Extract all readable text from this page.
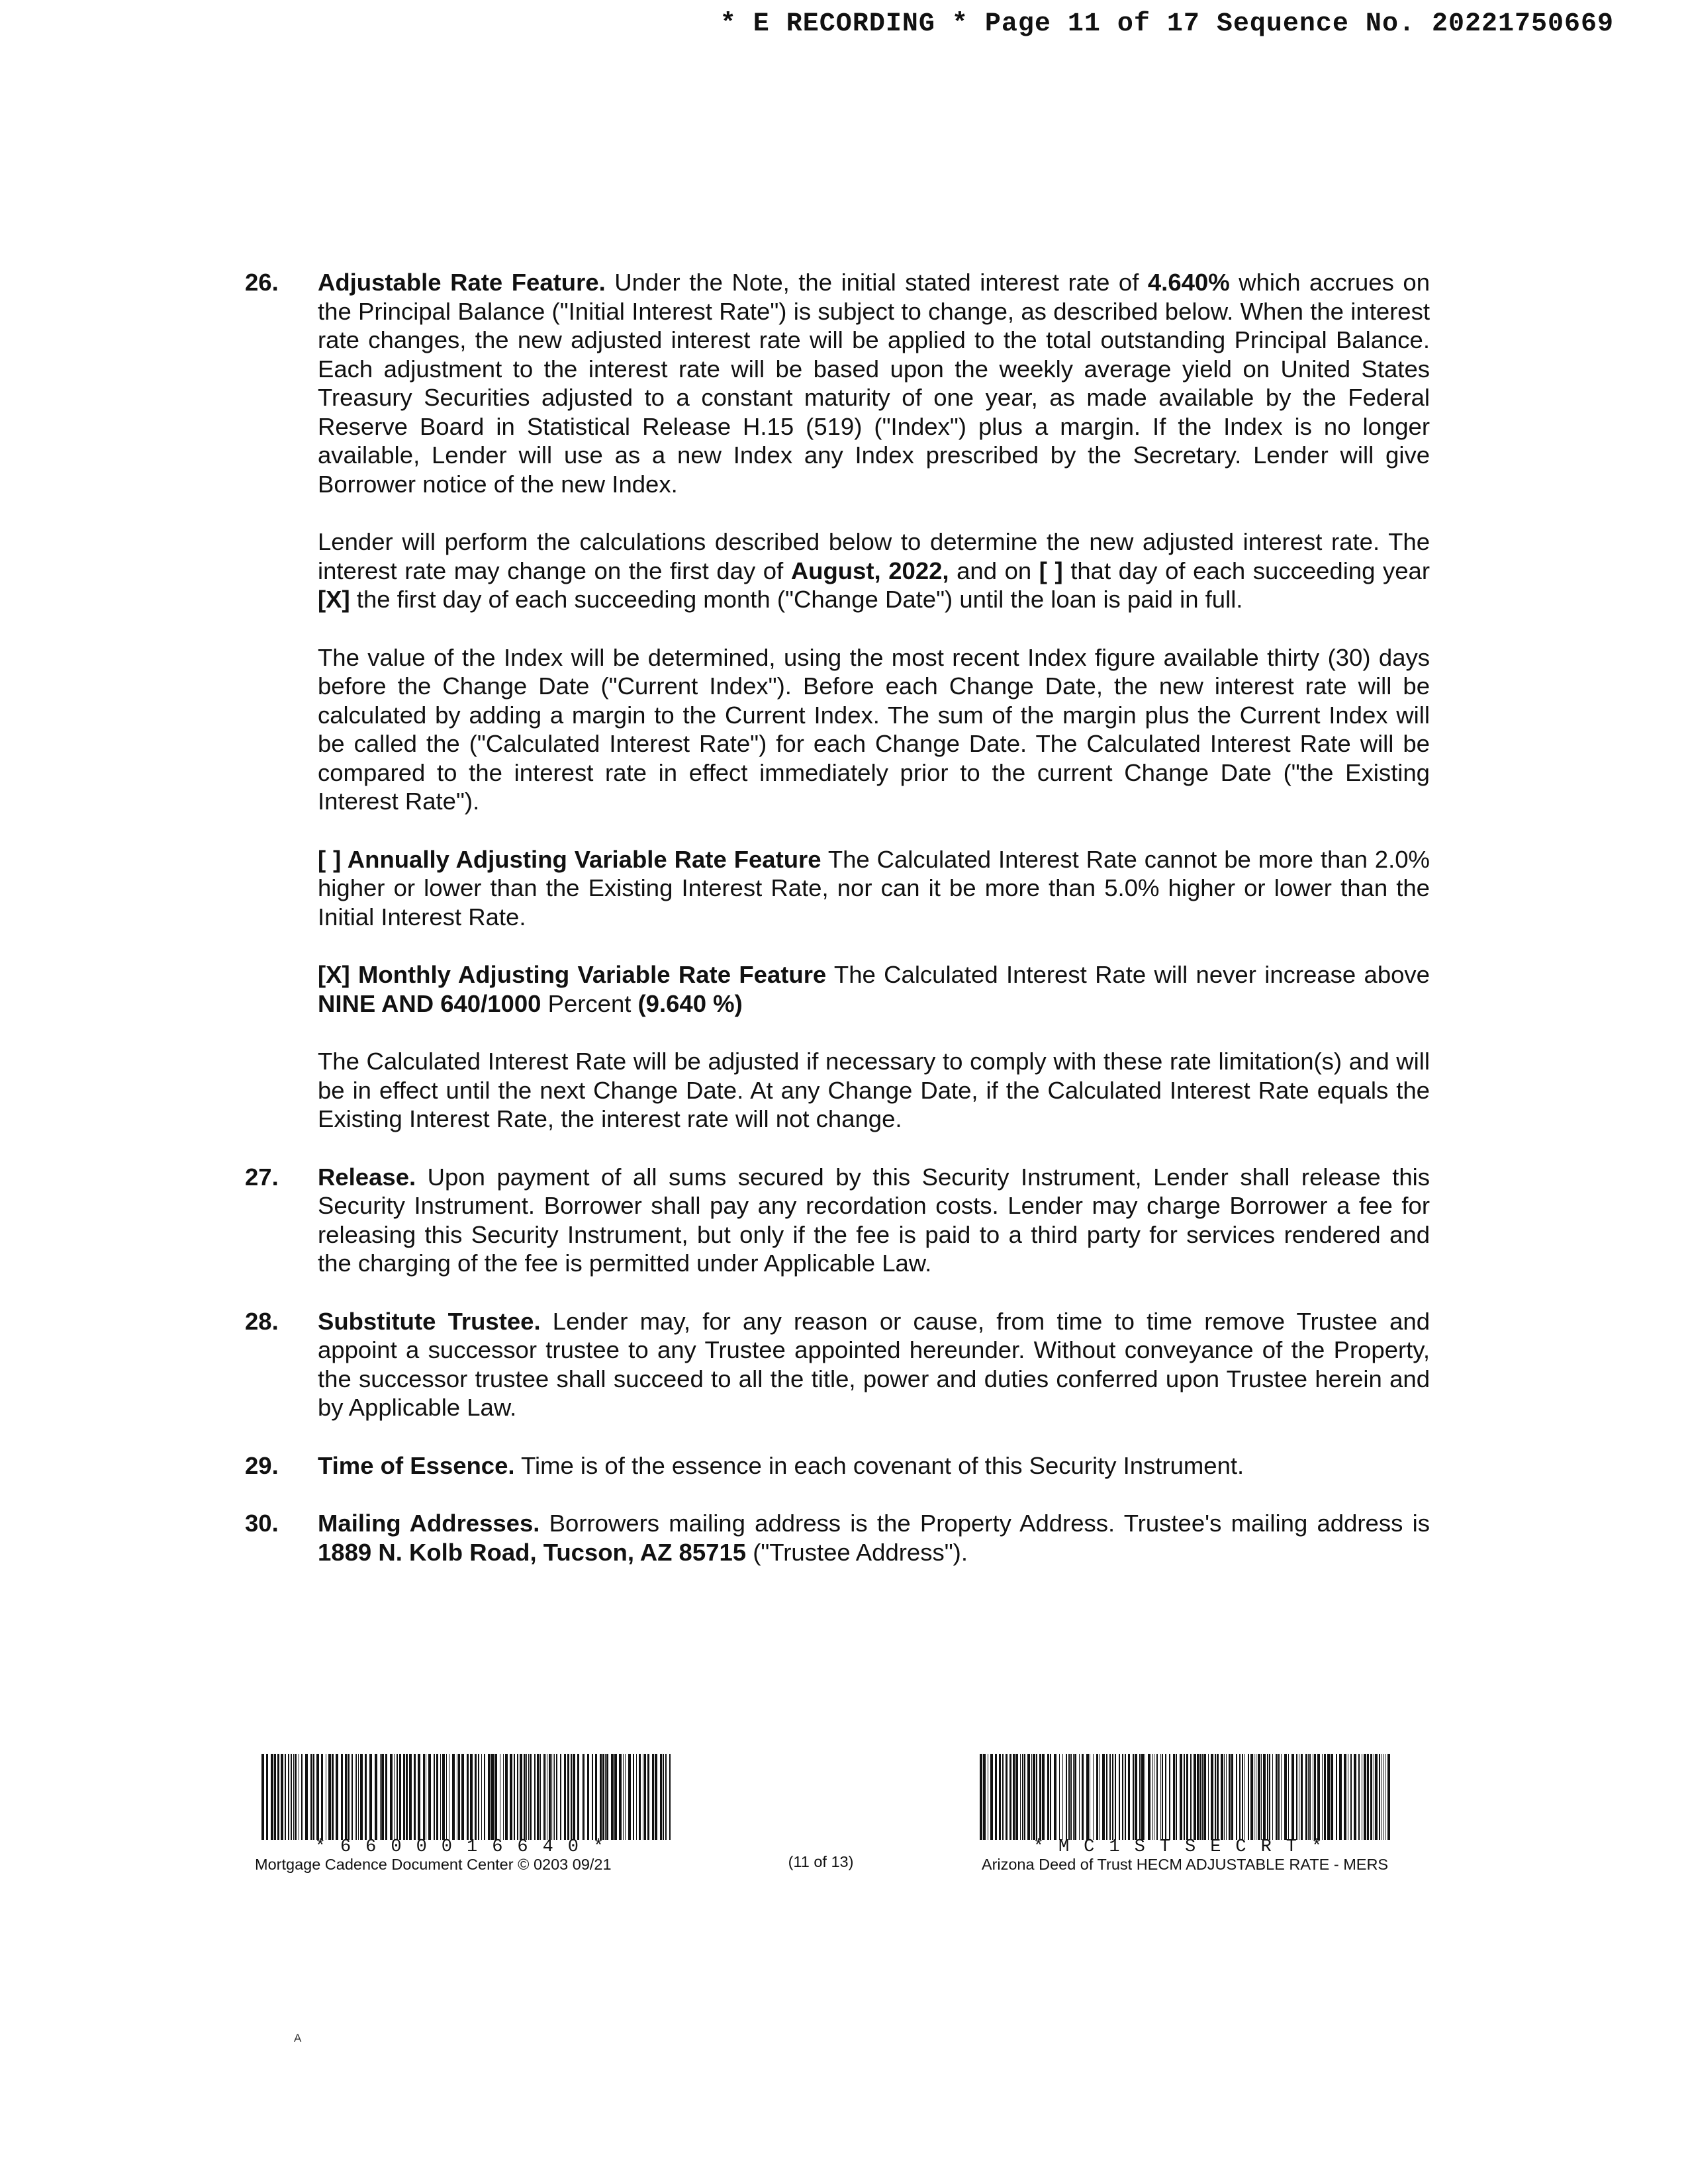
* E RECORDING * Page 11 of 17 Sequence No. 20221750669
26. Adjustable Rate Feature. Under the Note, the initial stated interest rate of 4.640% which accrues on the Principal Balance ("Initial Interest Rate") is subject to change, as described below. When the interest rate changes, the new adjusted interest rate will be applied to the total outstanding Principal Balance. Each adjustment to the interest rate will be based upon the weekly average yield on United States Treasury Securities adjusted to a constant maturity of one year, as made available by the Federal Reserve Board in Statistical Release H.15 (519) ("Index") plus a margin. If the Index is no longer available, Lender will use as a new Index any Index prescribed by the Secretary. Lender will give Borrower notice of the new Index.

Lender will perform the calculations described below to determine the new adjusted interest rate. The interest rate may change on the first day of August, 2022, and on [ ] that day of each succeeding year [X] the first day of each succeeding month ("Change Date") until the loan is paid in full.

The value of the Index will be determined, using the most recent Index figure available thirty (30) days before the Change Date ("Current Index"). Before each Change Date, the new interest rate will be calculated by adding a margin to the Current Index. The sum of the margin plus the Current Index will be called the ("Calculated Interest Rate") for each Change Date. The Calculated Interest Rate will be compared to the interest rate in effect immediately prior to the current Change Date ("the Existing Interest Rate").

[ ] Annually Adjusting Variable Rate Feature The Calculated Interest Rate cannot be more than 2.0% higher or lower than the Existing Interest Rate, nor can it be more than 5.0% higher or lower than the Initial Interest Rate.

[X] Monthly Adjusting Variable Rate Feature The Calculated Interest Rate will never increase above NINE AND 640/1000 Percent (9.640 %)

The Calculated Interest Rate will be adjusted if necessary to comply with these rate limitation(s) and will be in effect until the next Change Date. At any Change Date, if the Calculated Interest Rate equals the Existing Interest Rate, the interest rate will not change.

27. Release. Upon payment of all sums secured by this Security Instrument, Lender shall release this Security Instrument. Borrower shall pay any recordation costs. Lender may charge Borrower a fee for releasing this Security Instrument, but only if the fee is paid to a third party for services rendered and the charging of the fee is permitted under Applicable Law.

28. Substitute Trustee. Lender may, for any reason or cause, from time to time remove Trustee and appoint a successor trustee to any Trustee appointed hereunder. Without conveyance of the Property, the successor trustee shall succeed to all the title, power and duties conferred upon Trustee herein and by Applicable Law.

29. Time of Essence. Time is of the essence in each covenant of this Security Instrument.

30. Mailing Addresses. Borrowers mailing address is the Property Address. Trustee's mailing address is 1889 N. Kolb Road, Tucson, AZ 85715 ("Trustee Address").

*6600016640*
Mortgage Cadence Document Center © 0203 09/21	(11 of 13)
*MC1STSECRT*
Arizona Deed of Trust HECM ADJUSTABLE RATE - MERS
A
